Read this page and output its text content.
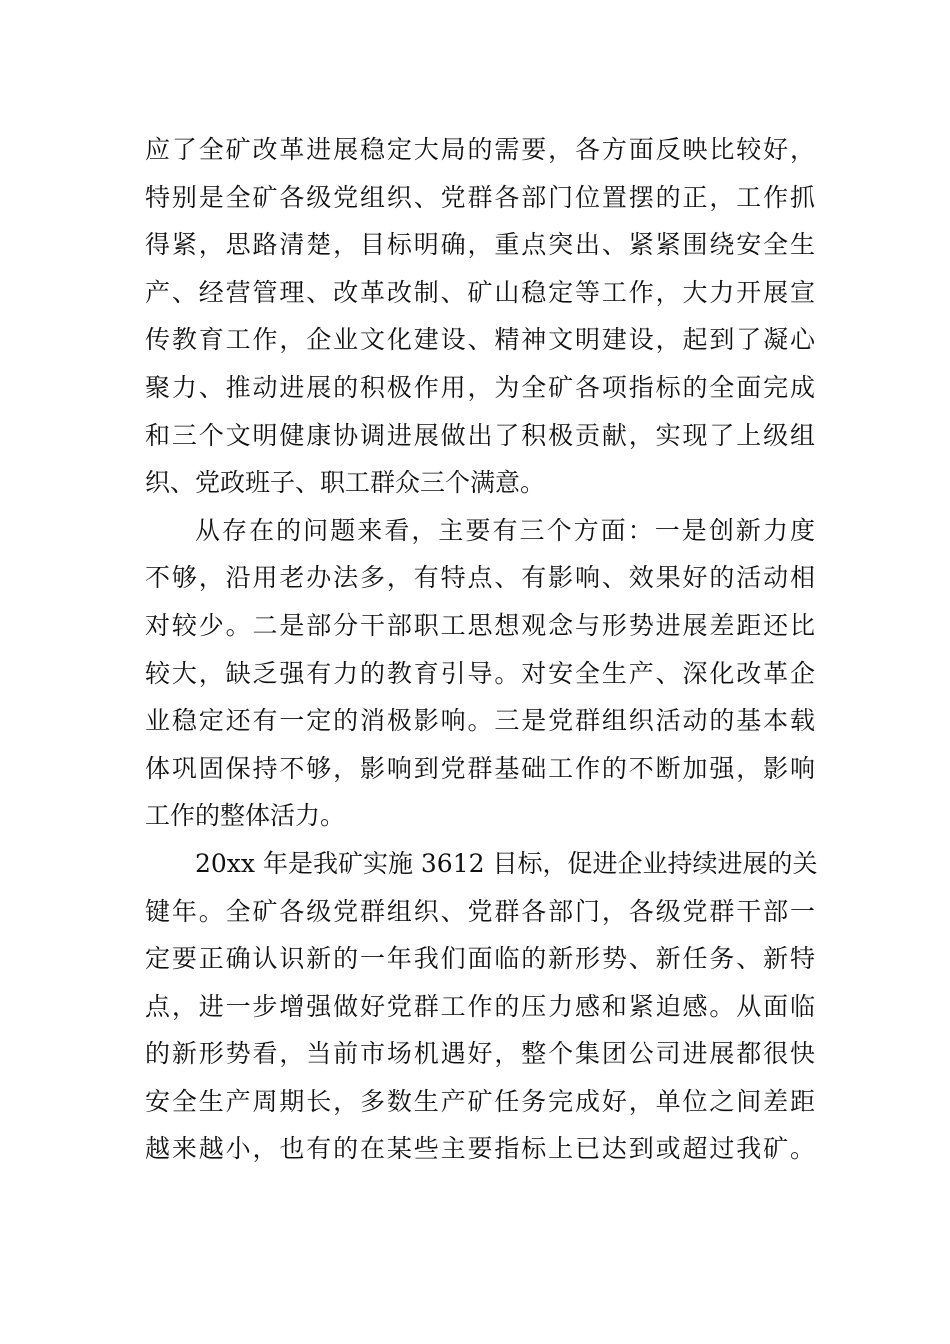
应了全矿改革进展稳定大局的需要，各方面反映比较好，
特别是全矿各级党组织、党群各部门位置摆的正，工作抓
得紧，思路清楚，目标明确，重点突出、紧紧围绕安全生
产、经营管理、改革改制、矿山稳定等工作，大力开展宣
传教育工作，企业文化建设、精神文明建设，起到了凝心
聚力、推动进展的积极作用，为全矿各项指标的全面完成
和三个文明健康协调进展做出了积极贡献，实现了上级组
织、党政班子、职工群众三个满意。
从存在的问题来看，主要有三个方面：一是创新力度
不够，沿用老办法多，有特点、有影响、效果好的活动相
对较少。二是部分干部职工思想观念与形势进展差距还比
较大，缺乏强有力的教育引导。对安全生产、深化改革企
业稳定还有一定的消极影响。三是党群组织活动的基本载
体巩固保持不够，影响到党群基础工作的不断加强，影响
工作的整体活力。
20xx 年是我矿实施 3612 目标，促进企业持续进展的关
键年。全矿各级党群组织、党群各部门，各级党群干部一
定要正确认识新的一年我们面临的新形势、新任务、新特
点，进一步增强做好党群工作的压力感和紧迫感。从面临
的新形势看，当前市场机遇好，整个集团公司进展都很快
安全生产周期长，多数生产矿任务完成好，单位之间差距
越来越小，也有的在某些主要指标上已达到或超过我矿。
